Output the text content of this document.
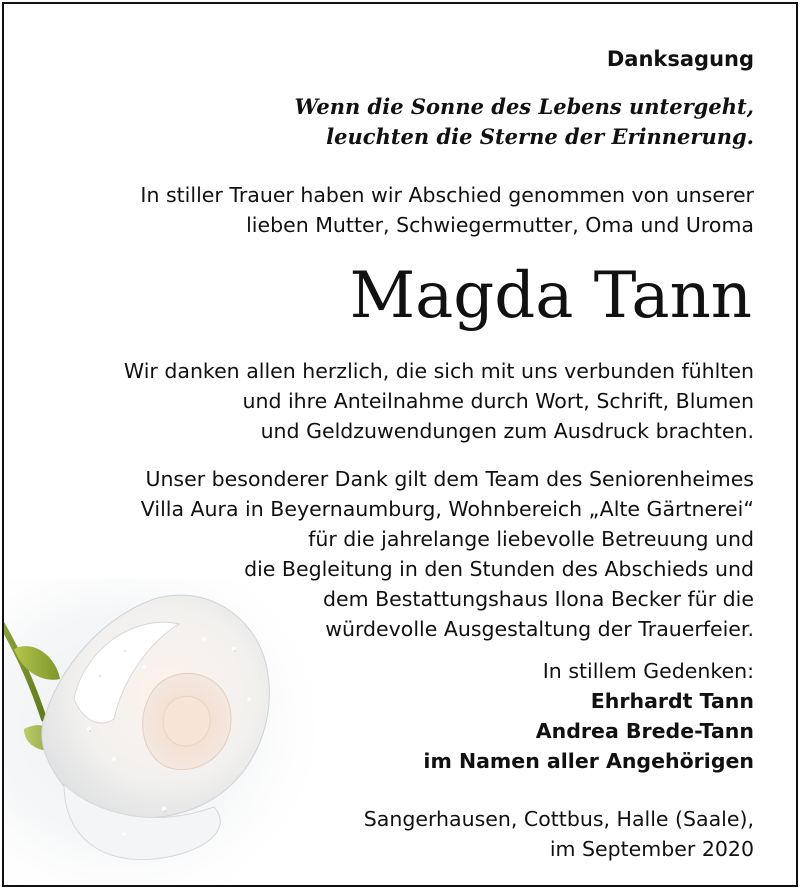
Danksagung
Wenn die Sonne des Lebens untergeht,
leuchten die Sterne der Erinnerung.
In stiller Trauer haben wir Abschied genommen von unserer
lieben Mutter, Schwiegermutter, Oma und Uroma
Magda Tann
Wir danken allen herzlich, die sich mit uns verbunden fühlten
und ihre Anteilnahme durch Wort, Schrift, Blumen
und Geldzuwendungen zum Ausdruck brachten.
Unser besonderer Dank gilt dem Team des Seniorenheimes
Villa Aura in Beyernaumburg, Wohnbereich „Alte Gärtnerei“
für die jahrelange liebevolle Betreuung und
die Begleitung in den Stunden des Abschieds und
dem Bestattungshaus Ilona Becker für die
würdevolle Ausgestaltung der Trauerfeier.
In stillem Gedenken:
Ehrhardt Tann
Andrea Brede-Tann
im Namen aller Angehörigen
Sangerhausen, Cottbus, Halle (Saale),
im September 2020
